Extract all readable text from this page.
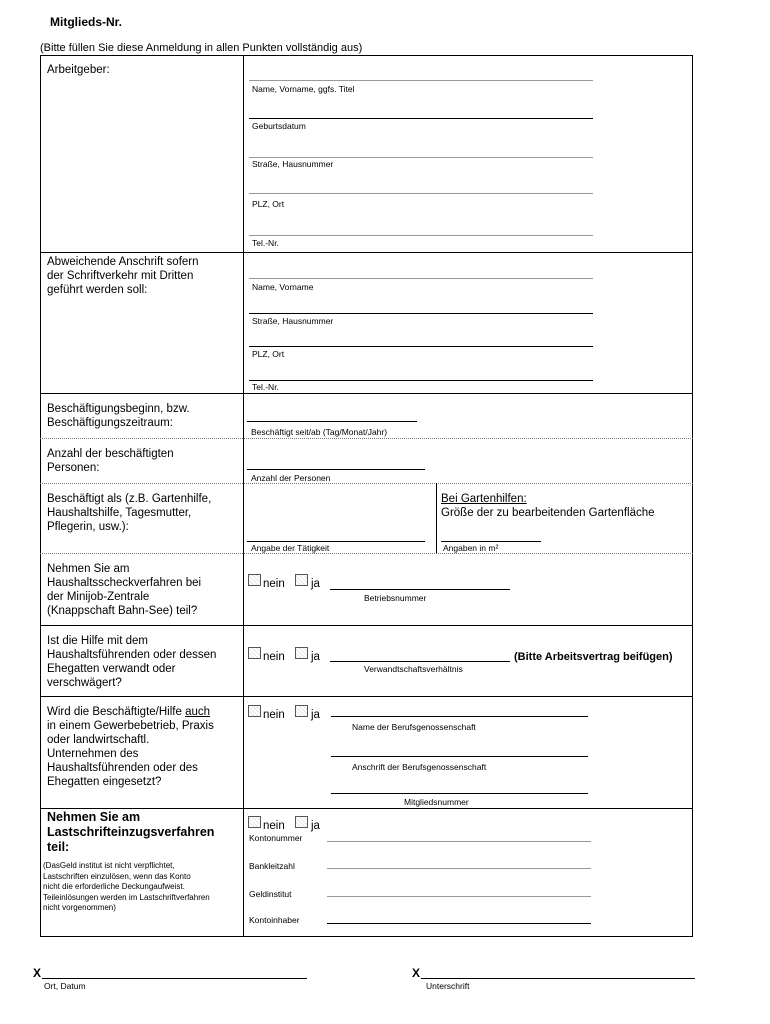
Mitglieds-Nr.
(Bitte füllen Sie diese Anmeldung in allen Punkten vollständig aus)
Arbeitgeber:
Name, Vorname, ggfs. Titel
Geburtsdatum
Straße, Hausnummer
PLZ, Ort
Tel.-Nr.
Abweichende Anschrift sofern
der Schriftverkehr mit Dritten
geführt werden soll:	Name, Vorname
Straße, Hausnummer
PLZ, Ort
Tel.-Nr.
Beschäftigungsbeginn, bzw.
Beschäftigungszeitraum:
Beschäftigt seit/ab (Tag/Monat/Jahr)
Anzahl der beschäftigten
Personen:
Anzahl der Personen
Beschäftigt als (z.B. Gartenhilfe,
Haushaltshilfe, Tagesmutter,
Pflegerin, usw.):
Angabe der Tätigkeit
Bei Gartenhilfen:
Größe der zu bearbeitenden Gartenfläche
Angaben in m²
Nehmen Sie am
Haushaltsscheckverfahren bei
der Minijob-Zentrale
(Knappschaft Bahn-See) teil?
nein ja
Betriebsnummer
Ist die Hilfe mit dem
Haushaltsführenden oder dessen
Ehegatten verwandt oder
verschwägert?
nein ja	(Bitte Arbeitsvertrag beifügen)
Verwandtschaftsverhältnis
Wird die Beschäftigte/Hilfe auch
in einem Gewerbebetrieb, Praxis
oder landwirtschaftl.
Unternehmen des
Haushaltsführenden oder des
Ehegatten eingesetzt?
nein ja
Name der Berufsgenossenschaft
Anschrift der Berufsgenossenschaft
Mitgliedsnummer
Nehmen Sie am
Lastschrifteinzugsverfahren
teil:
(DasGeld institut ist nicht verpflichtet,
Lastschriften einzulösen, wenn das Konto
nicht die erforderliche Deckungaufweist.
Teileinlösungen werden im Lastschriftverfahren
nicht vorgenommen)
nein ja
Kontonummer
Bankleitzahl
Geldinstitut
Kontoinhaber
X
Ort, Datum
X
Unterschrift
